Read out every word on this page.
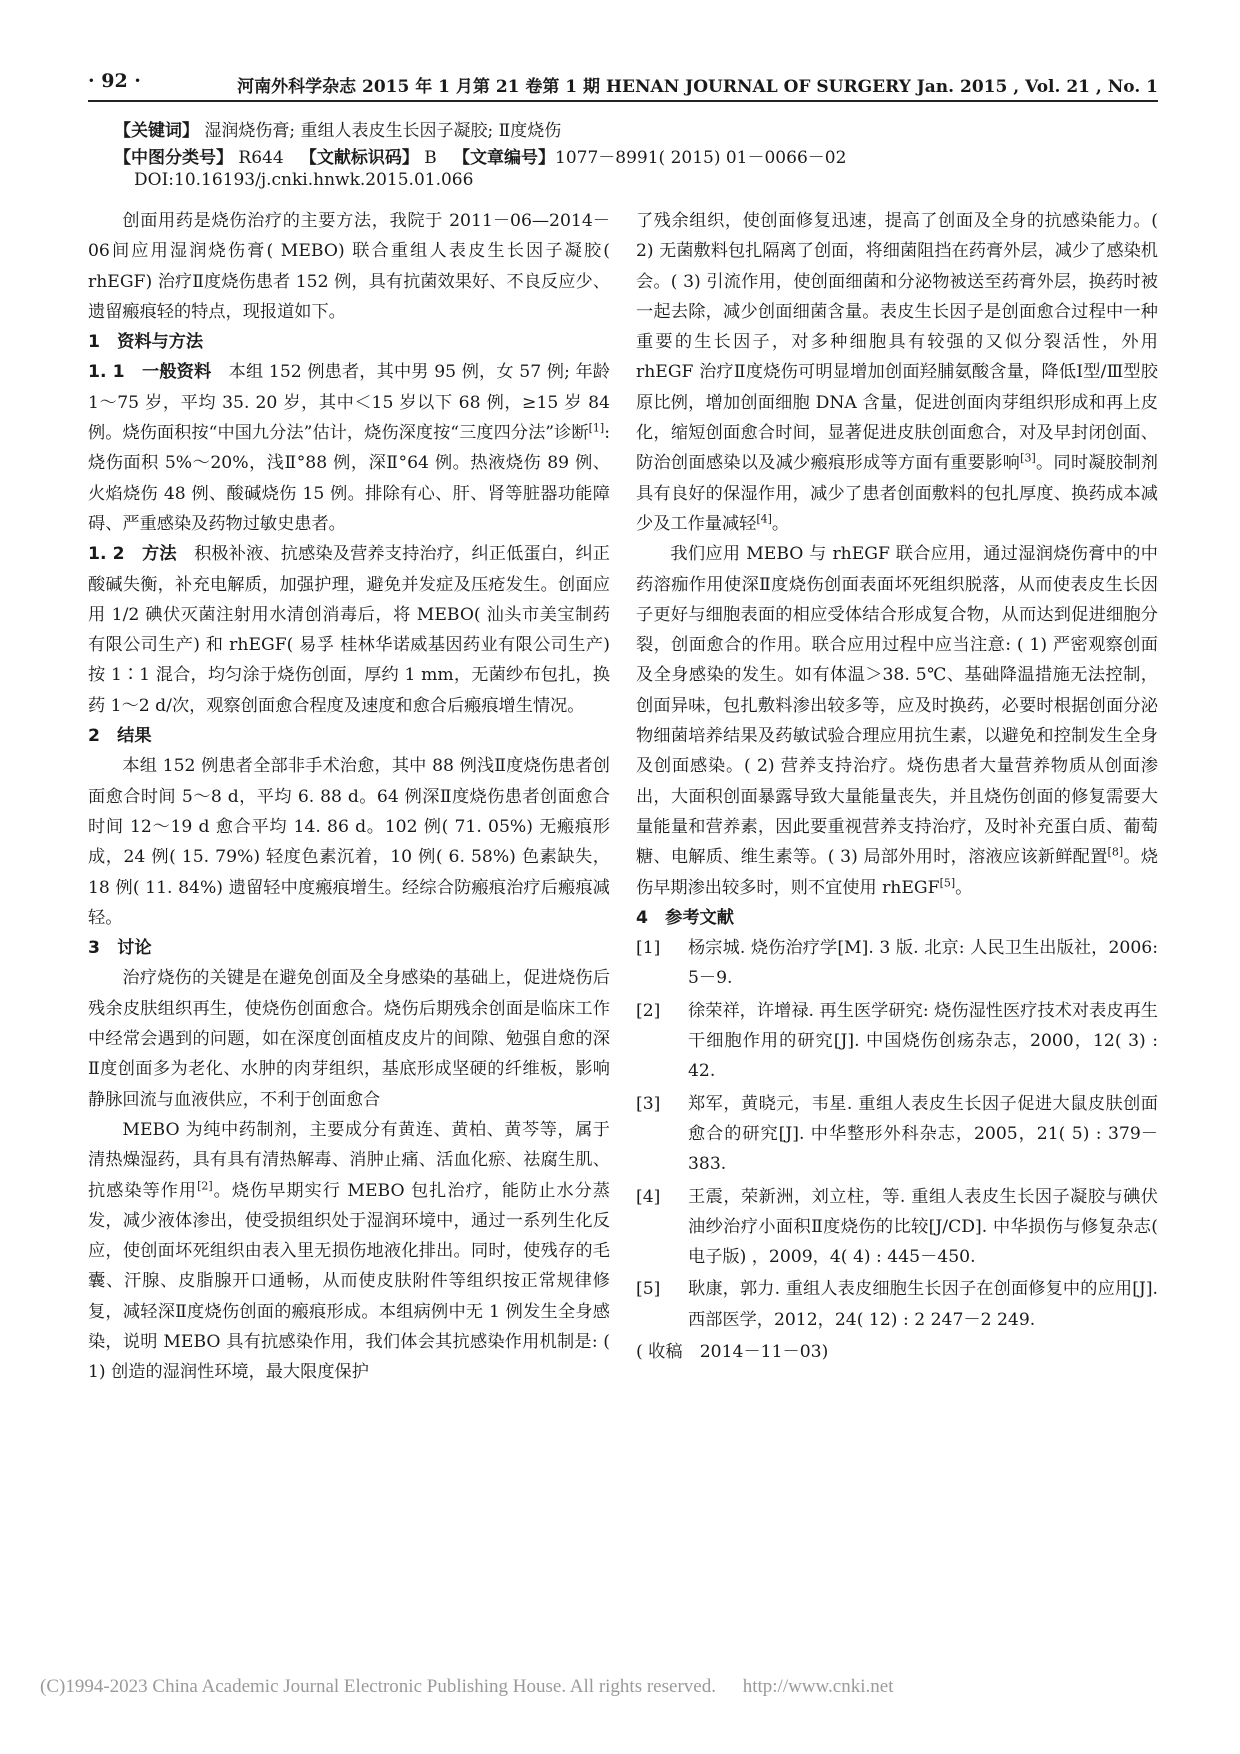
· 92 ·	河南外科学杂志 2015 年 1 月第 21 卷第 1 期 HENAN JOURNAL OF SURGERY Jan. 2015 , Vol. 21 , No. 1
【关键词】 湿润烧伤膏; 重组人表皮生长因子凝胶; Ⅱ度烧伤
【中图分类号】 R644 【文献标识码】 B 【文章编号】1077－8991( 2015) 01－0066－02
DOI:10.16193/j.cnki.hnwk.2015.01.066

创面用药是烧伤治疗的主要方法，我院于 2011－06—2014－06间应用湿润烧伤膏( MEBO) 联合重组人表皮生长因子凝胶( rhEGF) 治疗Ⅱ度烧伤患者 152 例，具有抗菌效果好、不良反应少、遗留瘢痕轻的特点，现报道如下。

1　资料与方法

1. 1　一般资料　 本组 152 例患者，其中男 95 例，女 57 例; 年龄 1～75 岁，平均 35. 20 岁，其中＜15 岁以下 68 例，≥15 岁 84 例。烧伤面积按“中国九分法”估计，烧伤深度按“三度四分法”诊断[1]: 烧伤面积 5%～20%，浅Ⅱ°88 例，深Ⅱ°64 例。热液烧伤 89 例、火焰烧伤 48 例、酸碱烧伤 15 例。排除有心、肝、肾等脏器功能障碍、严重感染及药物过敏史患者。

1. 2　方法　 积极补液、抗感染及营养支持治疗，纠正低蛋白，纠正酸碱失衡，补充电解质，加强护理，避免并发症及压疮发生。创面应用 1/2 碘伏灭菌注射用水清创消毒后，将 MEBO( 汕头市美宝制药有限公司生产) 和 rhEGF( 易孚 桂林华诺威基因药业有限公司生产) 按 1∶1 混合，均匀涂于烧伤创面，厚约 1 mm，无菌纱布包扎，换药 1～2 d/次，观察创面愈合程度及速度和愈合后瘢痕增生情况。

2　结果

本组 152 例患者全部非手术治愈，其中 88 例浅Ⅱ度烧伤患者创面愈合时间 5～8 d，平均 6. 88 d。64 例深Ⅱ度烧伤患者创面愈合时间 12～19 d 愈合平均 14. 86 d。102 例( 71. 05%) 无瘢痕形成，24 例( 15. 79%) 轻度色素沉着，10 例( 6. 58%) 色素缺失，18 例( 11. 84%) 遗留轻中度瘢痕增生。经综合防瘢痕治疗后瘢痕减轻。

3　讨论

治疗烧伤的关键是在避免创面及全身感染的基础上，促进烧伤后残余皮肤组织再生，使烧伤创面愈合。烧伤后期残余创面是临床工作中经常会遇到的问题，如在深度创面植皮皮片的间隙、勉强自愈的深Ⅱ度创面多为老化、水肿的肉芽组织，基底形成坚硬的纤维板，影响静脉回流与血液供应，不利于创面愈合

MEBO 为纯中药制剂，主要成分有黄连、黄柏、黄芩等，属于清热燥湿药，具有具有清热解毒、消肿止痛、活血化瘀、祛腐生肌、抗感染等作用[2]。烧伤早期实行 MEBO 包扎治疗，能防止水分蒸发，减少液体渗出，使受损组织处于湿润环境中，通过一系列生化反应，使创面坏死组织由表入里无损伤地液化排出。同时，使残存的毛囊、汗腺、皮脂腺开口通畅，从而使皮肤附件等组织按正常规律修复，减轻深Ⅱ度烧伤创面的瘢痕形成。本组病例中无 1 例发生全身感染，说明 MEBO 具有抗感染作用，我们体会其抗感染作用机制是: ( 1) 创造的湿润性环境，最大限度保护

了残余组织，使创面修复迅速，提高了创面及全身的抗感染能力。( 2) 无菌敷料包扎隔离了创面，将细菌阻挡在药膏外层，减少了感染机会。( 3) 引流作用，使创面细菌和分泌物被送至药膏外层，换药时被一起去除，减少创面细菌含量。表皮生长因子是创面愈合过程中一种重要的生长因子，对多种细胞具有较强的又似分裂活性，外用 rhEGF 治疗Ⅱ度烧伤可明显增加创面羟脯氨酸含量，降低Ⅰ型/Ⅲ型胶原比例，增加创面细胞 DNA 含量，促进创面肉芽组织形成和再上皮化，缩短创面愈合时间，显著促进皮肤创面愈合，对及早封闭创面、防治创面感染以及减少瘢痕形成等方面有重要影响[3]。同时凝胶制剂具有良好的保湿作用，减少了患者创面敷料的包扎厚度、换药成本减少及工作量减轻[4]。

我们应用 MEBO 与 rhEGF 联合应用，通过湿润烧伤膏中的中药溶痂作用使深Ⅱ度烧伤创面表面坏死组织脱落，从而使表皮生长因子更好与细胞表面的相应受体结合形成复合物，从而达到促进细胞分裂，创面愈合的作用。联合应用过程中应当注意: ( 1) 严密观察创面及全身感染的发生。如有体温＞38. 5℃、基础降温措施无法控制，创面异味，包扎敷料渗出较多等，应及时换药，必要时根据创面分泌物细菌培养结果及药敏试验合理应用抗生素，以避免和控制发生全身及创面感染。( 2) 营养支持治疗。烧伤患者大量营养物质从创面渗出，大面积创面暴露导致大量能量丧失，并且烧伤创面的修复需要大量能量和营养素，因此要重视营养支持治疗，及时补充蛋白质、葡萄糖、电解质、维生素等。( 3) 局部外用时，溶液应该新鲜配置[8]。烧伤早期渗出较多时，则不宜使用 rhEGF[5]。

4　参考文献
[1] 杨宗城. 烧伤治疗学[M]. 3 版. 北京: 人民卫生出版社，2006: 5－9.
[2] 徐荣祥，许增禄. 再生医学研究: 烧伤湿性医疗技术对表皮再生干细胞作用的研究[J]. 中国烧伤创疡杂志，2000，12( 3) : 42.
[3] 郑军，黄晓元，韦星. 重组人表皮生长因子促进大鼠皮肤创面愈合的研究[J]. 中华整形外科杂志，2005，21( 5) : 379－383.
[4] 王震，荣新洲，刘立柱，等. 重组人表皮生长因子凝胶与碘伏油纱治疗小面积Ⅱ度烧伤的比较[J/CD]. 中华损伤与修复杂志( 电子版) ，2009，4( 4) : 445－450.
[5] 耿康，郭力. 重组人表皮细胞生长因子在创面修复中的应用[J]. 西部医学，2012，24( 12) : 2 247－2 249.

( 收稿　2014－11－03)

(C)1994-2023 China Academic Journal Electronic Publishing House. All rights reserved. http://www.cnki.net
